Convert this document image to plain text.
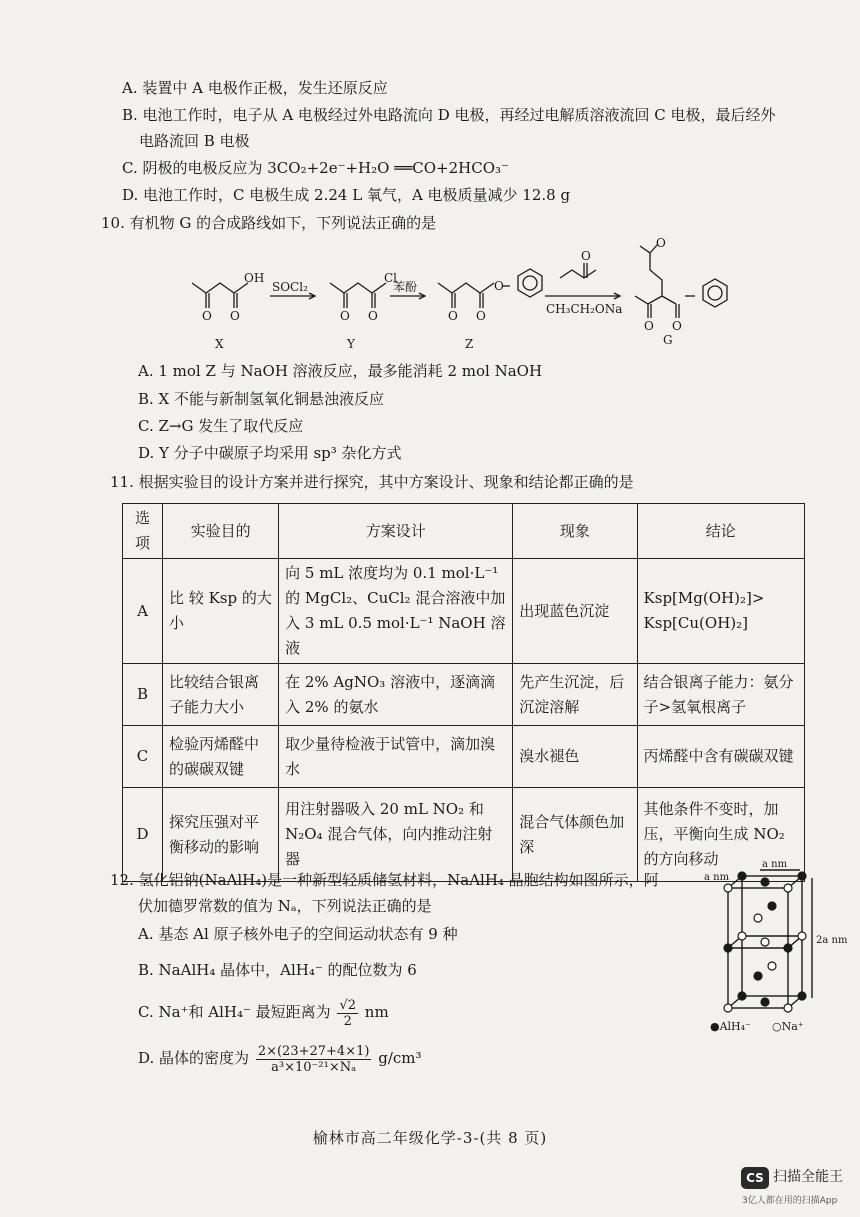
A. 装置中 A 电极作正极，发生还原反应
B. 电池工作时，电子从 A 电极经过外电路流向 D 电极，再经过电解质溶液流回 C 电极，最后经外
电路流回 B 电极
C. 阴极的电极反应为 3CO₂+2e⁻+H₂O ══CO+2HCO₃⁻
D. 电池工作时，C 电极生成 2.24 L 氧气，A 电极质量减少 12.8 g
10. 有机物 G 的合成路线如下，下列说法正确的是
OH
O O
Cl
O O	O O
O
O
O
O O
SOCl₂	苯酚
CH₃CH₂ONa
X	Y	Z	G
A. 1 mol Z 与 NaOH 溶液反应，最多能消耗 2 mol NaOH
B. X 不能与新制氢氧化铜悬浊液反应
C. Z→G 发生了取代反应
D. Y 分子中碳原子均采用 sp³ 杂化方式
11. 根据实验目的设计方案并进行探究，其中方案设计、现象和结论都正确的是
选项	实验目的	方案设计	现象	结论
A	比 较 Ksp 的大小	向 5 mL 浓度均为 0.1 mol·L⁻¹ 的 MgCl₂、CuCl₂ 混合溶液中加入 3 mL 0.5 mol·L⁻¹ NaOH 溶液	出现蓝色沉淀	Ksp[Mg(OH)₂]> Ksp[Cu(OH)₂]
B	比较结合银离子能力大小	在 2% AgNO₃ 溶液中，逐滴滴入 2% 的氨水	先产生沉淀，后沉淀溶解	结合银离子能力：氨分子>氢氧根离子
C	检验丙烯醛中的碳碳双键	取少量待检液于试管中，滴加溴水	溴水褪色	丙烯醛中含有碳碳双键
D	探究压强对平衡移动的影响	用注射器吸入 20 mL NO₂ 和 N₂O₄ 混合气体，向内推动注射器	混合气体颜色加深	其他条件不变时，加压，平衡向生成 NO₂ 的方向移动
12. 氢化铝钠(NaAlH₄)是一种新型轻质储氢材料，NaAlH₄ 晶胞结构如图所示，阿
伏加德罗常数的值为 Nₐ，下列说法正确的是
A. 基态 Al 原子核外电子的空间运动状态有 9 种
B. NaAlH₄ 晶体中，AlH₄⁻ 的配位数为 6
C. Na⁺和 AlH₄⁻ 最短距离为 $\frac{√2}{2}$ nm
D. 晶体的密度为 $\frac{2\times(23+27+4\times 1)}{\text{a³×10⁻²¹×Nₐ}} g/cm^3$
a nm
2a nm
a nm
●AlH₄⁻ ○Na⁺
榆林市高二年级化学-3-(共 8 页)
CS 扫描全能王
3亿人都在用的扫描App
